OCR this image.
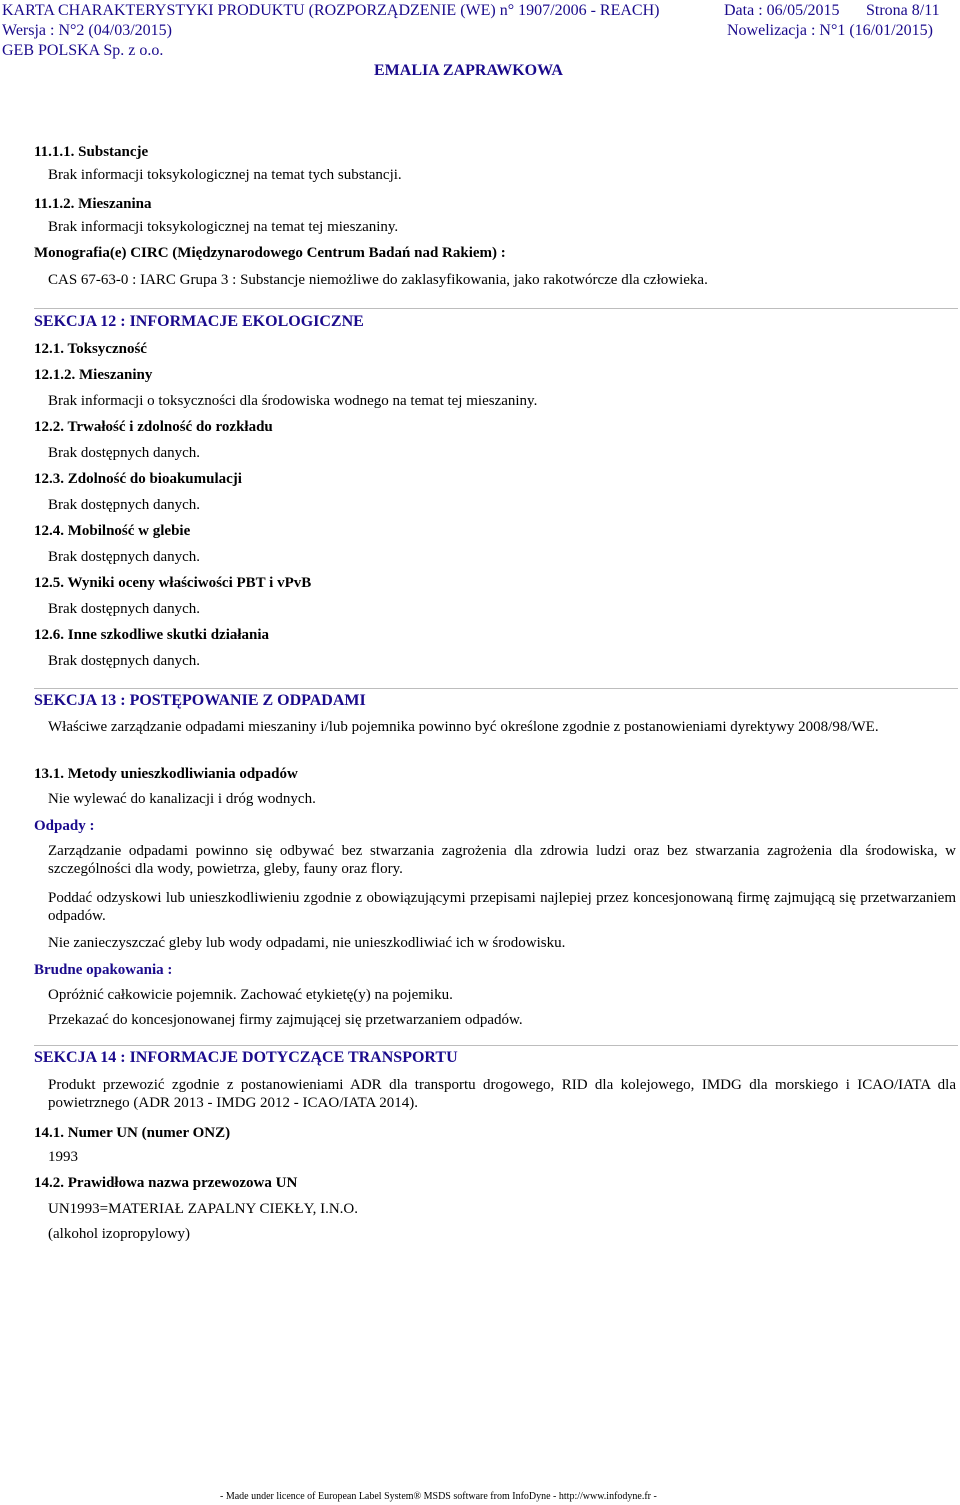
KARTA CHARAKTERYSTYKI PRODUKTU (ROZPORZĄDZENIE (WE) n° 1907/2006 - REACH)	Data : 06/05/2015 Strona 8/11
Wersja : N°2 (04/03/2015)	Nowelizacja : N°1 (16/01/2015)
GEB POLSKA Sp. z o.o.
EMALIA ZAPRAWKOWA
11.1.1. Substancje
Brak informacji toksykologicznej na temat tych substancji.
11.1.2. Mieszanina
Brak informacji toksykologicznej na temat tej mieszaniny.
Monografia(e) CIRC (Międzynarodowego Centrum Badań nad Rakiem) :
CAS 67-63-0 : IARC Grupa 3 : Substancje niemożliwe do zaklasyfikowania, jako rakotwórcze dla człowieka.
SEKCJA 12 : INFORMACJE EKOLOGICZNE
12.1. Toksyczność
12.1.2. Mieszaniny
Brak informacji o toksyczności dla środowiska wodnego na temat tej mieszaniny.
12.2. Trwałość i zdolność do rozkładu
Brak dostępnych danych.
12.3. Zdolność do bioakumulacji
Brak dostępnych danych.
12.4. Mobilność w glebie
Brak dostępnych danych.
12.5. Wyniki oceny właściwości PBT i vPvB
Brak dostępnych danych.
12.6. Inne szkodliwe skutki działania
Brak dostępnych danych.
SEKCJA 13 : POSTĘPOWANIE Z ODPADAMI
Właściwe zarządzanie odpadami mieszaniny i/lub pojemnika powinno być określone zgodnie z postanowieniami dyrektywy 2008/98/WE.
13.1. Metody unieszkodliwiania odpadów
Nie wylewać do kanalizacji i dróg wodnych.
Odpady :
Zarządzanie odpadami powinno się odbywać bez stwarzania zagrożenia dla zdrowia ludzi oraz bez stwarzania zagrożenia dla środowiska, w szczególności dla wody, powietrza, gleby, fauny oraz flory.
Poddać odzyskowi lub unieszkodliwieniu zgodnie z obowiązującymi przepisami najlepiej przez koncesjonowaną firmę zajmującą się przetwarzaniem odpadów.
Nie zanieczyszczać gleby lub wody odpadami, nie unieszkodliwiać ich w środowisku.
Brudne opakowania :
Opróżnić całkowicie pojemnik. Zachować etykietę(y) na pojemiku.
Przekazać do koncesjonowanej firmy zajmującej się przetwarzaniem odpadów.
SEKCJA 14 : INFORMACJE DOTYCZĄCE TRANSPORTU
Produkt przewozić zgodnie z postanowieniami ADR dla transportu drogowego, RID dla kolejowego, IMDG dla morskiego i ICAO/IATA dla powietrznego (ADR 2013 - IMDG 2012 - ICAO/IATA 2014).
14.1. Numer UN (numer ONZ)
1993
14.2. Prawidłowa nazwa przewozowa UN
UN1993=MATERIAŁ ZAPALNY CIEKŁY, I.N.O.
(alkohol izopropylowy)
- Made under licence of European Label System® MSDS software from InfoDyne - http://www.infodyne.fr -
